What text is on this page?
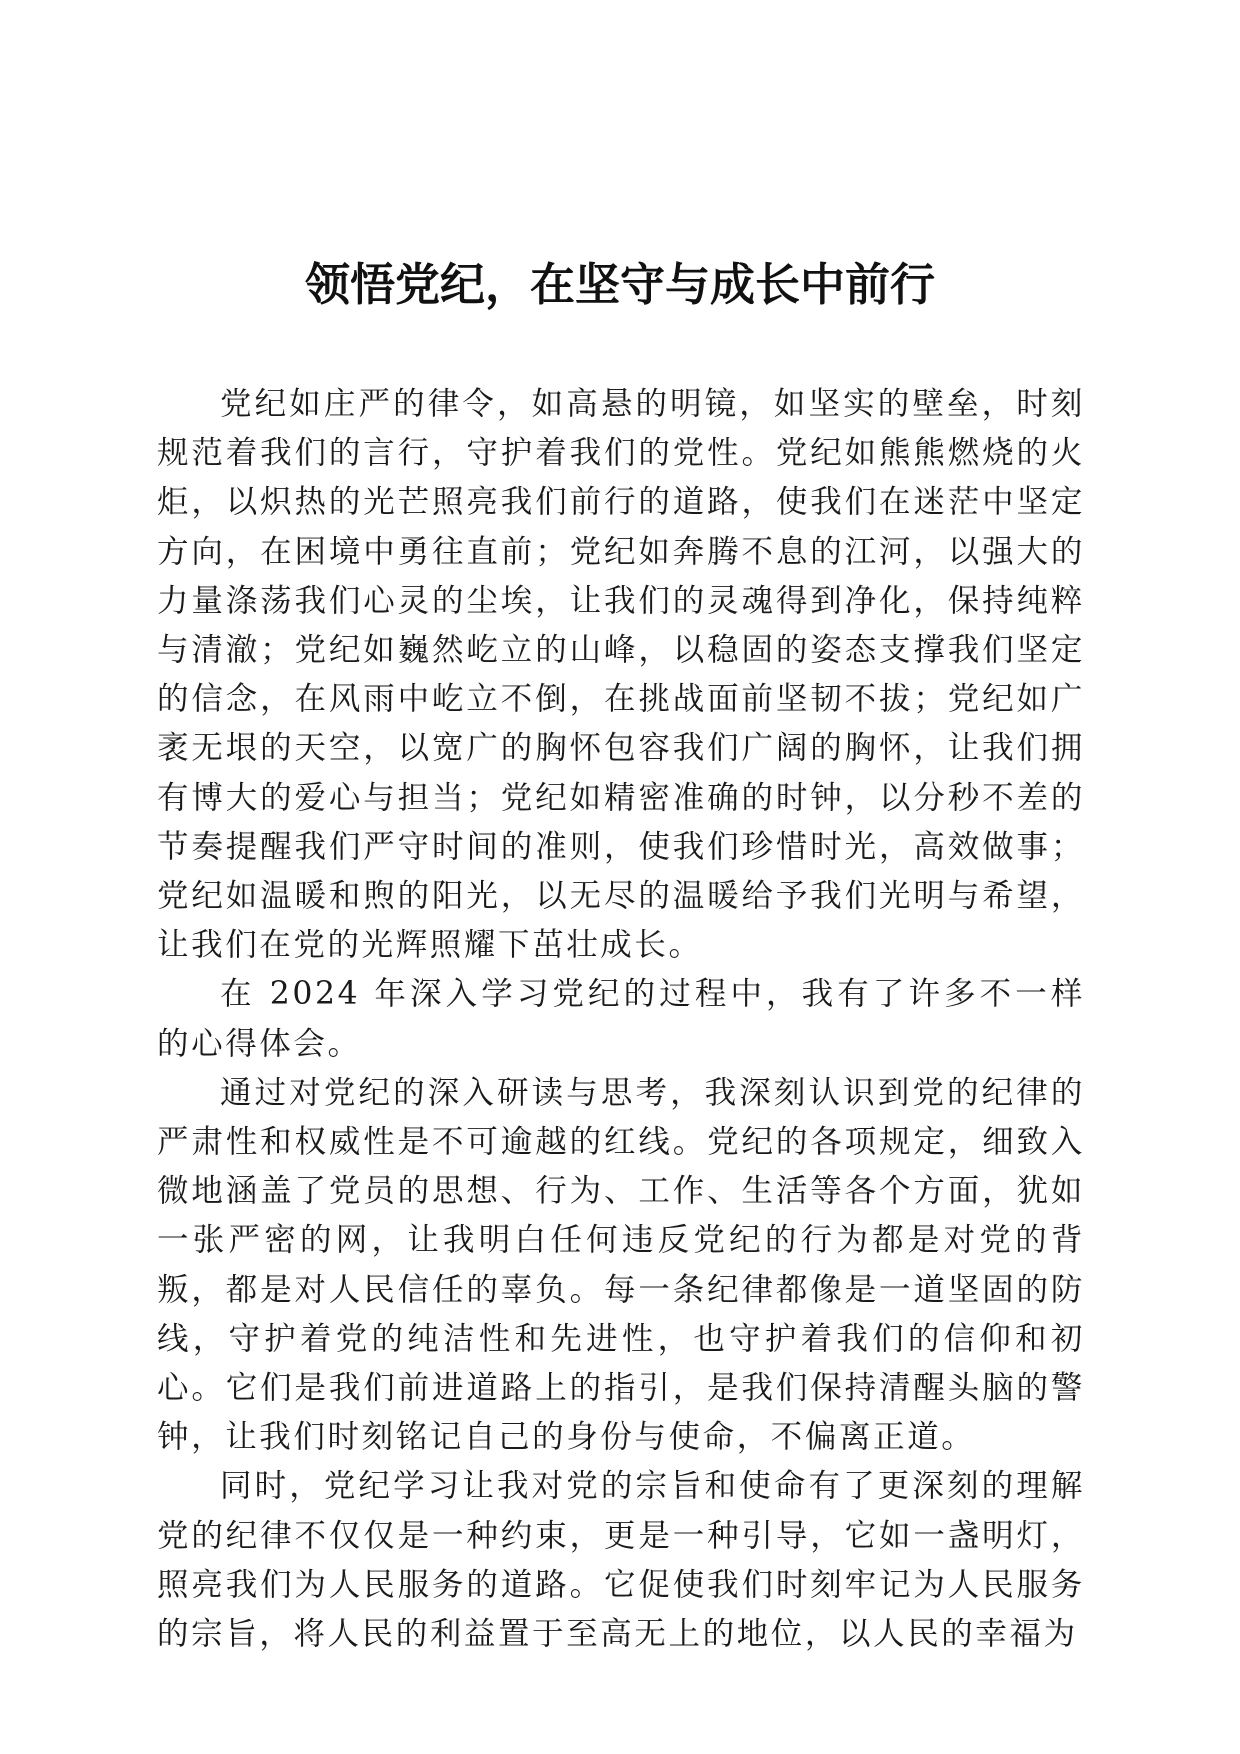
领悟党纪，在坚守与成长中前行

党纪如庄严的律令，如高悬的明镜，如坚实的壁垒，时刻规范着我们的言行，守护着我们的党性。党纪如熊熊燃烧的火炬，以炽热的光芒照亮我们前行的道路，使我们在迷茫中坚定方向，在困境中勇往直前；党纪如奔腾不息的江河，以强大的力量涤荡我们心灵的尘埃，让我们的灵魂得到净化，保持纯粹与清澈；党纪如巍然屹立的山峰，以稳固的姿态支撑我们坚定的信念，在风雨中屹立不倒，在挑战面前坚韧不拔；党纪如广袤无垠的天空，以宽广的胸怀包容我们广阔的胸怀，让我们拥有博大的爱心与担当；党纪如精密准确的时钟，以分秒不差的节奏提醒我们严守时间的准则，使我们珍惜时光，高效做事；党纪如温暖和煦的阳光，以无尽的温暖给予我们光明与希望，让我们在党的光辉照耀下茁壮成长。

在 2024 年深入学习党纪的过程中，我有了许多不一样的心得体会。

通过对党纪的深入研读与思考，我深刻认识到党的纪律的严肃性和权威性是不可逾越的红线。党纪的各项规定，细致入微地涵盖了党员的思想、行为、工作、生活等各个方面，犹如一张严密的网，让我明白任何违反党纪的行为都是对党的背叛，都是对人民信任的辜负。每一条纪律都像是一道坚固的防线，守护着党的纯洁性和先进性，也守护着我们的信仰和初心。它们是我们前进道路上的指引，是我们保持清醒头脑的警钟，让我们时刻铭记自己的身份与使命，不偏离正道。

同时，党纪学习让我对党的宗旨和使命有了更深刻的理解党的纪律不仅仅是一种约束，更是一种引导，它如一盏明灯，照亮我们为人民服务的道路。它促使我们时刻牢记为人民服务的宗旨，将人民的利益置于至高无上的地位，以人民的幸福为
